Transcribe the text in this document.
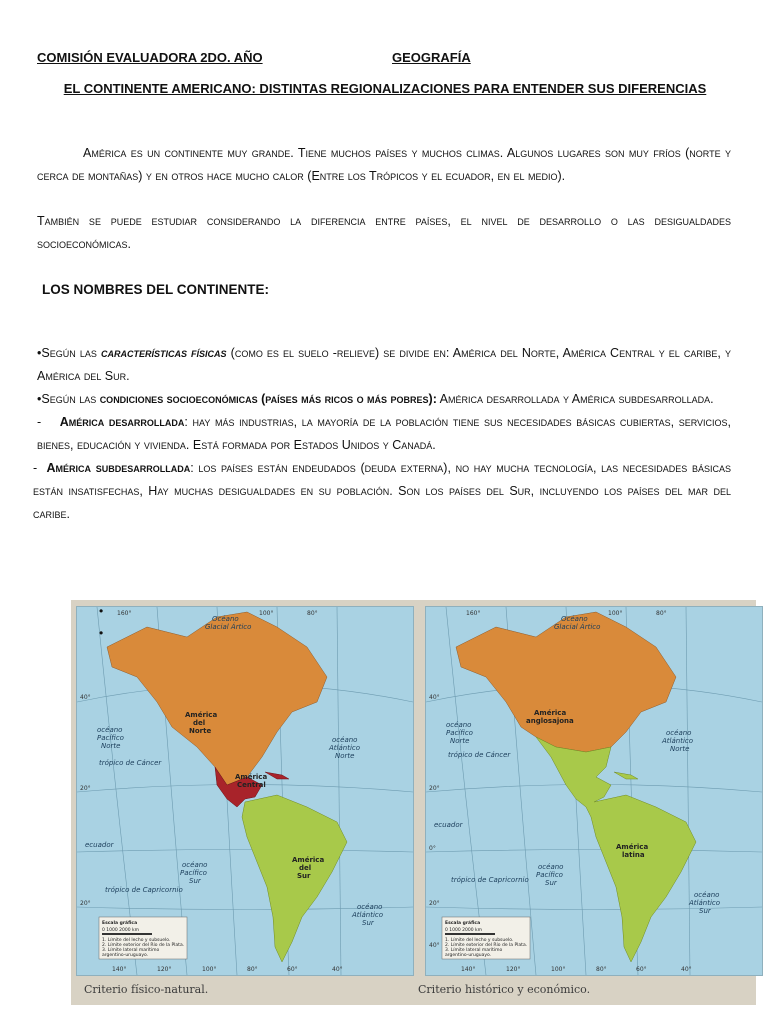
COMISIÓN EVALUADORA 2DO. AÑO	GEOGRAFÍA
EL CONTINENTE AMERICANO: DISTINTAS REGIONALIZACIONES PARA ENTENDER SUS DIFERENCIAS
América es un continente muy grande. Tiene muchos países y muchos climas. Algunos lugares son muy fríos (norte y cerca de montañas) y en otros hace mucho calor (Entre los Trópicos y el ecuador, en el medio).
También se puede estudiar considerando la diferencia entre países, el nivel de desarrollo o las desigualdades socioeconómicas.
LOS NOMBRES DEL CONTINENTE:

•Según las características físicas (como es el suelo -relieve) se divide en: América del Norte, América Central y el caribe, y América del Sur.

•Según las condiciones socioeconómicas (países más ricos o más pobres): América desarrollada y América subdesarrollada.

-    América desarrollada: hay más industrias, la mayoría de la población tiene sus necesidades básicas cubiertas, servicios, bienes, educación y vivienda. Está formada por Estados Unidos y Canadá.

-  América subdesarrollada: los países están endeudados (deuda externa), no hay mucha tecnología, las necesidades básicas están insatisfechas, Hay muchas desigualdades en su población. Son los países del Sur, incluyendo los países del mar del caribe.

Océano
Glacial Ártico
América
del
Norte
América
Central
América
del
Sur
océano
Pacífico
Norte
océano
Atlántico
Norte
trópico de Cáncer
ecuador
océano
Pacífico
Sur
trópico de Capricornio
océano
Atlántico
Sur
160°	100°	80°
140°	120°	100°	80°	60°	40°
40°
20°
20°
Escala gráfica
0 1000 2000 km
1. Límite del lecho y subsuelo.
2. Límite exterior del Río de la Plata.
3. Límite lateral marítimo
argentino-uruguayo.
Océano
Glacial Ártico
América
anglosajona
América
latina
océano
Pacífico
Norte
océano
Atlántico
Norte
trópico de Cáncer
ecuador
océano
Pacífico
Sur
trópico de Capricornio
océano
Atlántico
Sur
160°	100°	80°
140°	120°	100°	80°	60°	40°
40°
20°
0°
20°
40°
Escala gráfica
0 1000 2000 km
1. Límite del lecho y subsuelo.
2. Límite exterior del Río de la Plata.
3. Límite lateral marítimo
argentino-uruguayo.
•
•
Criterio físico-natural.	Criterio histórico y económico.
